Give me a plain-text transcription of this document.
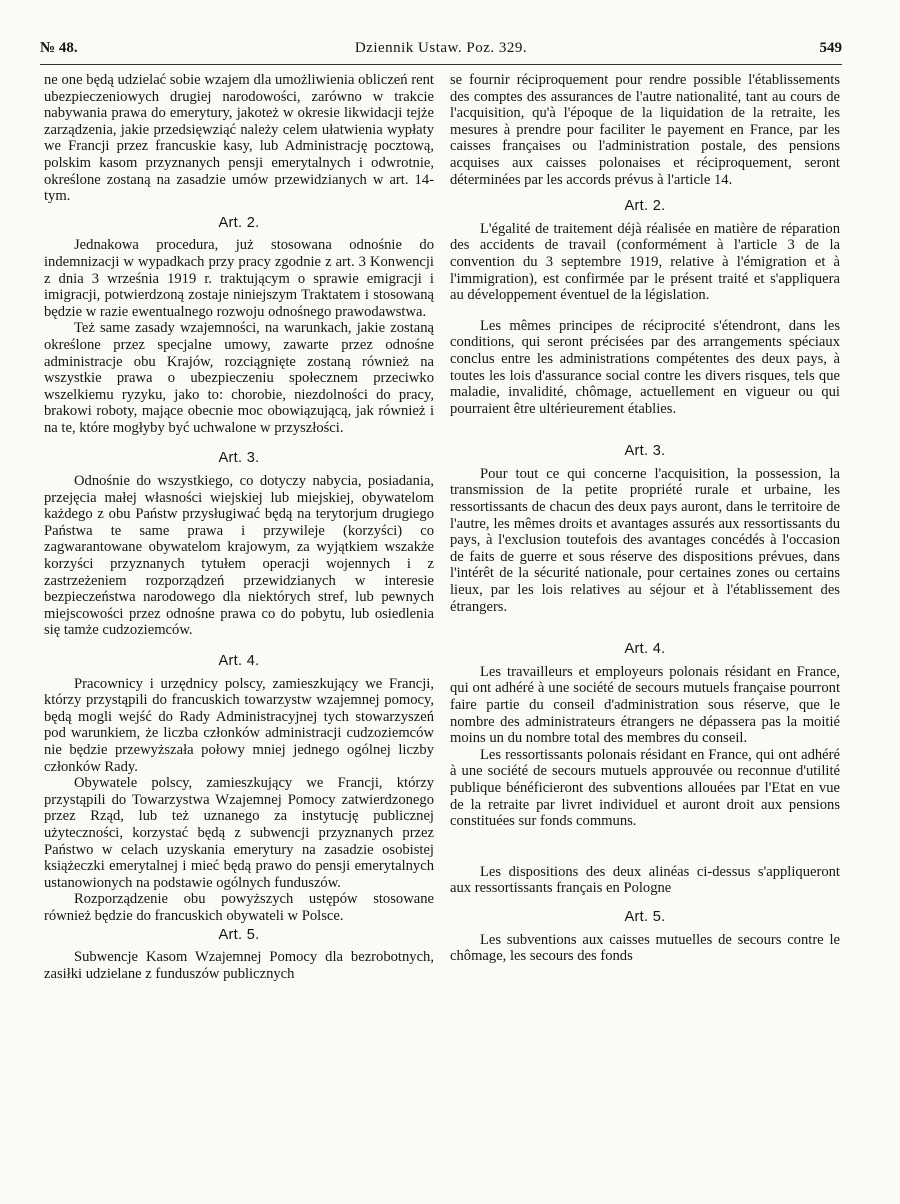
№ 48.	Dziennik Ustaw. Poz. 329.	549

ne one będą udzielać sobie wzajem dla umożliwienia obliczeń rent ubezpieczeniowych drugiej narodowości, zarówno w trakcie nabywania prawa do emerytury, jakoteż w okresie likwidacji tejże zarządzenia, jakie przedsięwziąć należy celem ułatwienia wypłaty we Francji przez francuskie kasy, lub Administrację pocztową, polskim kasom przyznanych pensji emerytalnych i odwrotnie, określone zostaną na zasadzie umów przewidzianych w art. 14-tym.

Art. 2.

Jednakowa procedura, już stosowana odnośnie do indemnizacji w wypadkach przy pracy zgodnie z art. 3 Konwencji z dnia 3 września 1919 r. traktującym o sprawie emigracji i imigracji, potwierdzoną zostaje niniejszym Traktatem i stosowaną będzie w razie ewentualnego rozwoju odnośnego prawodawstwa.

Też same zasady wzajemności, na warunkach, jakie zostaną określone przez specjalne umowy, zawarte przez odnośne administracje obu Krajów, rozciągnięte zostaną również na wszystkie prawa o ubezpieczeniu społecznem przeciwko wszelkiemu ryzyku, jako to: chorobie, niezdolności do pracy, brakowi roboty, mające obecnie moc obowiązującą, jak również i na te, które mogłyby być uchwalone w przyszłości.

Art. 3.

Odnośnie do wszystkiego, co dotyczy nabycia, posiadania, przejęcia małej własności wiejskiej lub miejskiej, obywatelom każdego z obu Państw przysługiwać będą na terytorjum drugiego Państwa te same prawa i przywileje (korzyści) co zagwarantowane obywatelom krajowym, za wyjątkiem wszakże korzyści przyznanych tytułem operacji wojennych i z zastrzeżeniem rozporządzeń przewidzianych w interesie bezpieczeństwa narodowego dla niektórych stref, lub pewnych miejscowości przez odnośne prawa co do pobytu, lub osiedlenia się tamże cudzoziemców.

Art. 4.

Pracownicy i urzędnicy polscy, zamieszkujący we Francji, którzy przystąpili do francuskich towarzystw wzajemnej pomocy, będą mogli wejść do Rady Administracyjnej tych stowarzyszeń pod warunkiem, że liczba członków administracji cudzoziemców nie będzie przewyższała połowy mniej jednego ogólnej liczby członków Rady.

Obywatele polscy, zamieszkujący we Francji, którzy przystąpili do Towarzystwa Wzajemnej Pomocy zatwierdzonego przez Rząd, lub też uznanego za instytucję publicznej użyteczności, korzystać będą z subwencji przyznanych przez Państwo w celach uzyskania emerytury na zasadzie osobistej książeczki emerytalnej i mieć będą prawo do pensji emerytalnych ustanowionych na podstawie ogólnych funduszów.

Rozporządzenie obu powyższych ustępów stosowane również będzie do francuskich obywateli w Polsce.

Art. 5.

Subwencje Kasom Wzajemnej Pomocy dla bezrobotnych, zasiłki udzielane z funduszów publicznych

se fournir réciproquement pour rendre possible l'établissements des comptes des assurances de l'autre nationalité, tant au cours de l'acquisition, qu'à l'époque de la liquidation de la retraite, les mesures à prendre pour faciliter le payement en France, par les caisses françaises ou l'administration postale, des pensions acquises aux caisses polonaises et réciproquement, seront déterminées par les accords prévus à l'article 14.

Art. 2.

L'égalité de traitement déjà réalisée en matière de réparation des accidents de travail (conformément à l'article 3 de la convention du 3 septembre 1919, relative à l'émigration et à l'immigration), est confirmée par le présent traité et s'appliquera au développement éventuel de la législation.

Les mêmes principes de réciprocité s'étendront, dans les conditions, qui seront précisées par des arrangements spéciaux conclus entre les administrations compétentes des deux pays, à toutes les lois d'assurance social contre les divers risques, tels que maladie, invalidité, chômage, actuellement en vigueur ou qui pourraient être ultérieurement établies.

Art. 3.

Pour tout ce qui concerne l'acquisition, la possession, la transmission de la petite propriété rurale et urbaine, les ressortissants de chacun des deux pays auront, dans le territoire de l'autre, les mêmes droits et avantages assurés aux ressortissants du pays, à l'exclusion toutefois des avantages concédés à l'occasion de faits de guerre et sous réserve des dispositions prévues, dans l'intérêt de la sécurité nationale, pour certaines zones ou certains lieux, par les lois relatives au séjour et à l'établissement des étrangers.

Art. 4.

Les travailleurs et employeurs polonais résidant en France, qui ont adhéré à une société de secours mutuels française pourront faire partie du conseil d'administration sous réserve, que le nombre des administrateurs étrangers ne dépassera pas la moitié moins un du nombre total des membres du conseil.

Les ressortissants polonais résidant en France, qui ont adhéré à une société de secours mutuels approuvée ou reconnue d'utilité publique bénéficieront des subventions allouées par l'Etat en vue de la retraite par livret individuel et auront droit aux pensions constituées sur fonds communs.

Les dispositions des deux alinéas ci-dessus s'appliqueront aux ressortissants français en Pologne

Art. 5.

Les subventions aux caisses mutuelles de secours contre le chômage, les secours des fonds
